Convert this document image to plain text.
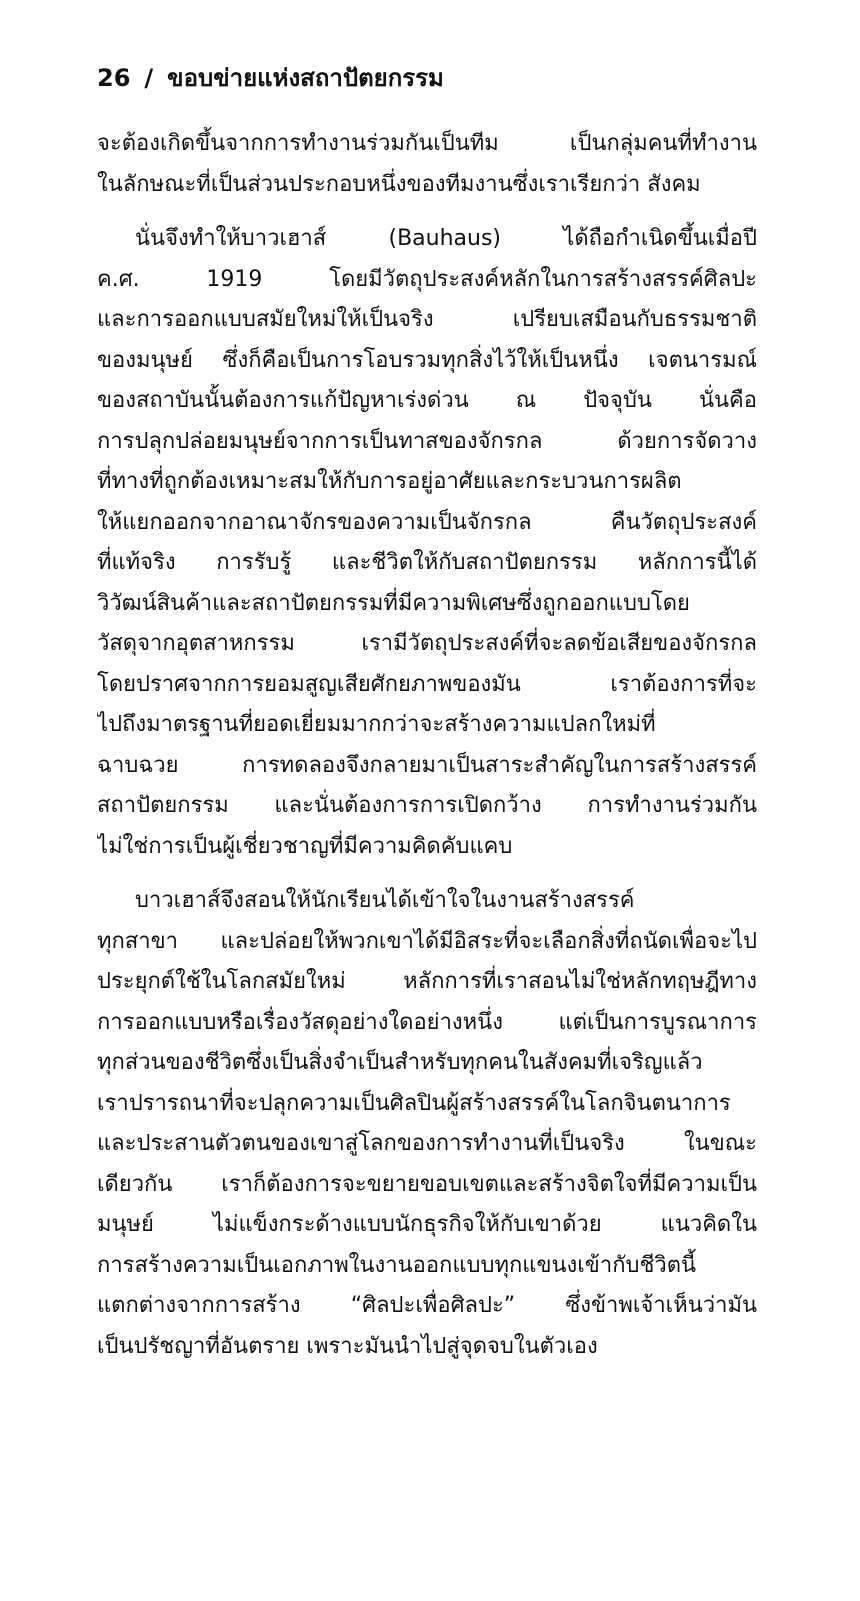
26 / ขอบข่ายแห่งสถาปัตยกรรม
จะต้องเกิดขึ้นจากการทำงานร่วมกันเป็นทีม เป็นกลุ่มคนที่ทำงาน
ในลักษณะที่เป็นส่วนประกอบหนึ่งของทีมงานซึ่งเราเรียกว่า สังคม
นั่นจึงทำให้บาวเฮาส์ (Bauhaus) ได้ถือกำเนิดขึ้นเมื่อปี
ค.ศ. 1919 โดยมีวัตถุประสงค์หลักในการสร้างสรรค์ศิลปะ
และการออกแบบสมัยใหม่ให้เป็นจริง เปรียบเสมือนกับธรรมชาติ
ของมนุษย์ ซึ่งก็คือเป็นการโอบรวมทุกสิ่งไว้ให้เป็นหนึ่ง เจตนารมณ์
ของสถาบันนั้นต้องการแก้ปัญหาเร่งด่วน ณ ปัจจุบัน นั่นคือ
การปลุกปล่อยมนุษย์จากการเป็นทาสของจักรกล ด้วยการจัดวาง
ที่ทางที่ถูกต้องเหมาะสมให้กับการอยู่อาศัยและกระบวนการผลิต
ให้แยกออกจากอาณาจักรของความเป็นจักรกล คืนวัตถุประสงค์
ที่แท้จริง การรับรู้ และชีวิตให้กับสถาปัตยกรรม หลักการนี้ได้
วิวัฒน์สินค้าและสถาปัตยกรรมที่มีความพิเศษซึ่งถูกออกแบบโดย
วัสดุจากอุตสาหกรรม เรามีวัตถุประสงค์ที่จะลดข้อเสียของจักรกล
โดยปราศจากการยอมสูญเสียศักยภาพของมัน เราต้องการที่จะ
ไปถึงมาตรฐานที่ยอดเยี่ยมมากกว่าจะสร้างความแปลกใหม่ที่
ฉาบฉวย การทดลองจึงกลายมาเป็นสาระสำคัญในการสร้างสรรค์
สถาปัตยกรรม และนั่นต้องการการเปิดกว้าง การทำงานร่วมกัน
ไม่ใช่การเป็นผู้เชี่ยวชาญที่มีความคิดคับแคบ
บาวเฮาส์จึงสอนให้นักเรียนได้เข้าใจในงานสร้างสรรค์
ทุกสาขา และปล่อยให้พวกเขาได้มีอิสระที่จะเลือกสิ่งที่ถนัดเพื่อจะไป
ประยุกต์ใช้ในโลกสมัยใหม่ หลักการที่เราสอนไม่ใช่หลักทฤษฎีทาง
การออกแบบหรือเรื่องวัสดุอย่างใดอย่างหนึ่ง แต่เป็นการบูรณาการ
ทุกส่วนของชีวิตซึ่งเป็นสิ่งจำเป็นสำหรับทุกคนในสังคมที่เจริญแล้ว
เราปรารถนาที่จะปลุกความเป็นศิลปินผู้สร้างสรรค์ในโลกจินตนาการ
และประสานตัวตนของเขาสู่โลกของการทำงานที่เป็นจริง ในขณะ
เดียวกัน เราก็ต้องการจะขยายขอบเขตและสร้างจิตใจที่มีความเป็น
มนุษย์ ไม่แข็งกระด้างแบบนักธุรกิจให้กับเขาด้วย แนวคิดใน
การสร้างความเป็นเอกภาพในงานออกแบบทุกแขนงเข้ากับชีวิตนี้
แตกต่างจากการสร้าง “ศิลปะเพื่อศิลปะ” ซึ่งข้าพเจ้าเห็นว่ามัน
เป็นปรัชญาที่อันตราย เพราะมันนำไปสู่จุดจบในตัวเอง
